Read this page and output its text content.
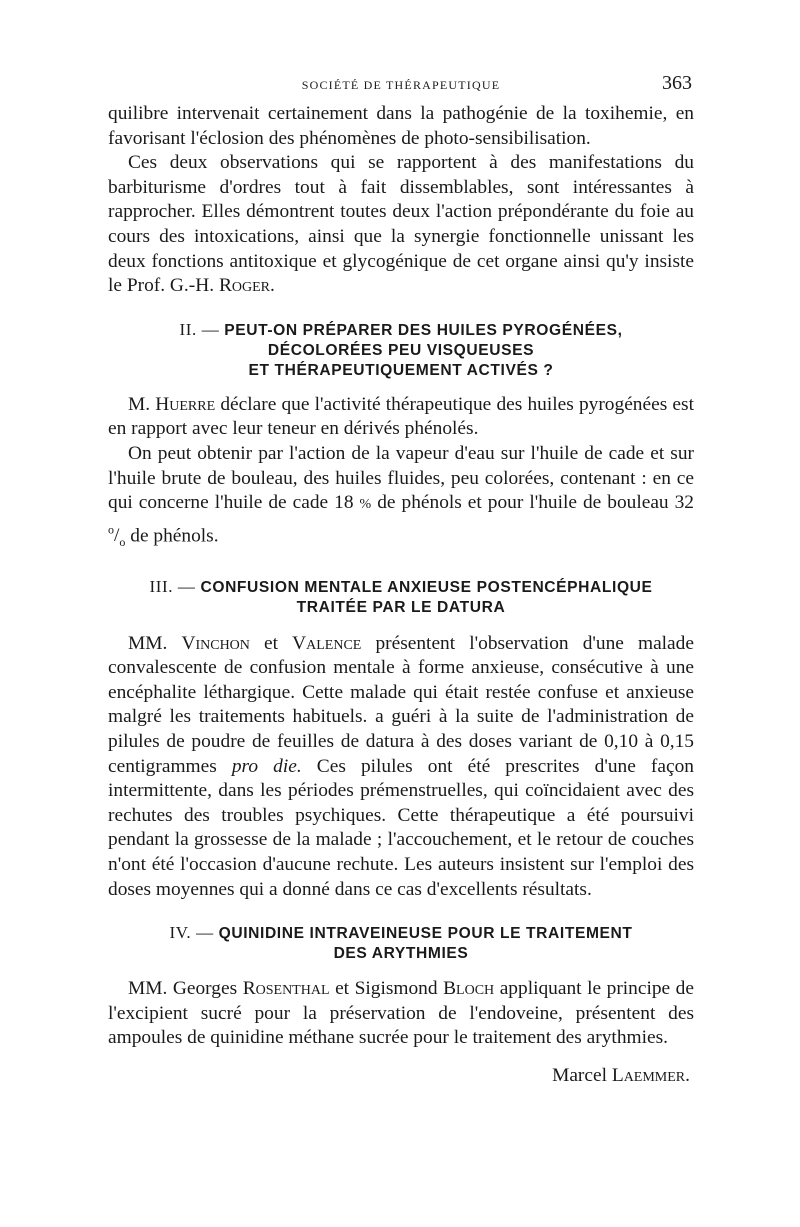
SOCIÉTÉ DE THÉRAPEUTIQUE	363

quilibre intervenait certainement dans la pathogénie de la toxihemie, en favorisant l'éclosion des phénomènes de photo-sensibilisation.

Ces deux observations qui se rapportent à des manifestations du barbiturisme d'ordres tout à fait dissemblables, sont intéressantes à rapprocher. Elles démontrent toutes deux l'action prépondérante du foie au cours des intoxications, ainsi que la synergie fonctionnelle unissant les deux fonctions antitoxique et glycogénique de cet organe ainsi qu'y insiste le Prof. G.-H. Roger.

II. — PEUT-ON PRÉPARER DES HUILES PYROGÉNÉES,
DÉCOLORÉES PEU VISQUEUSES
ET THÉRAPEUTIQUEMENT ACTIVÉS ?

M. Huerre déclare que l'activité thérapeutique des huiles pyrogénées est en rapport avec leur teneur en dérivés phénolés.

On peut obtenir par l'action de la vapeur d'eau sur l'huile de cade et sur l'huile brute de bouleau, des huiles fluides, peu colorées, contenant : en ce qui concerne l'huile de cade 18 % de phénols et pour l'huile de bouleau 32 $^o/_o$ de phénols.

III. — CONFUSION MENTALE ANXIEUSE POSTENCÉPHALIQUE
TRAITÉE PAR LE DATURA

MM. Vinchon et Valence présentent l'observation d'une malade convalescente de confusion mentale à forme anxieuse, consécutive à une encéphalite léthargique. Cette malade qui était restée confuse et anxieuse malgré les traitements habituels. a guéri à la suite de l'administration de pilules de poudre de feuilles de datura à des doses variant de 0,10 à 0,15 centigrammes pro die. Ces pilules ont été prescrites d'une façon intermittente, dans les périodes prémenstruelles, qui coïncidaient avec des rechutes des troubles psychiques. Cette thérapeutique a été poursuivi pendant la grossesse de la malade ; l'accouchement, et le retour de couches n'ont été l'occasion d'aucune rechute. Les auteurs insistent sur l'emploi des doses moyennes qui a donné dans ce cas d'excellents résultats.

IV. — QUINIDINE INTRAVEINEUSE POUR LE TRAITEMENT
DES ARYTHMIES

MM. Georges Rosenthal et Sigismond Bloch appliquant le principe de l'excipient sucré pour la préservation de l'endoveine, présentent des ampoules de quinidine méthane sucrée pour le traitement des arythmies.

Marcel Laemmer.
